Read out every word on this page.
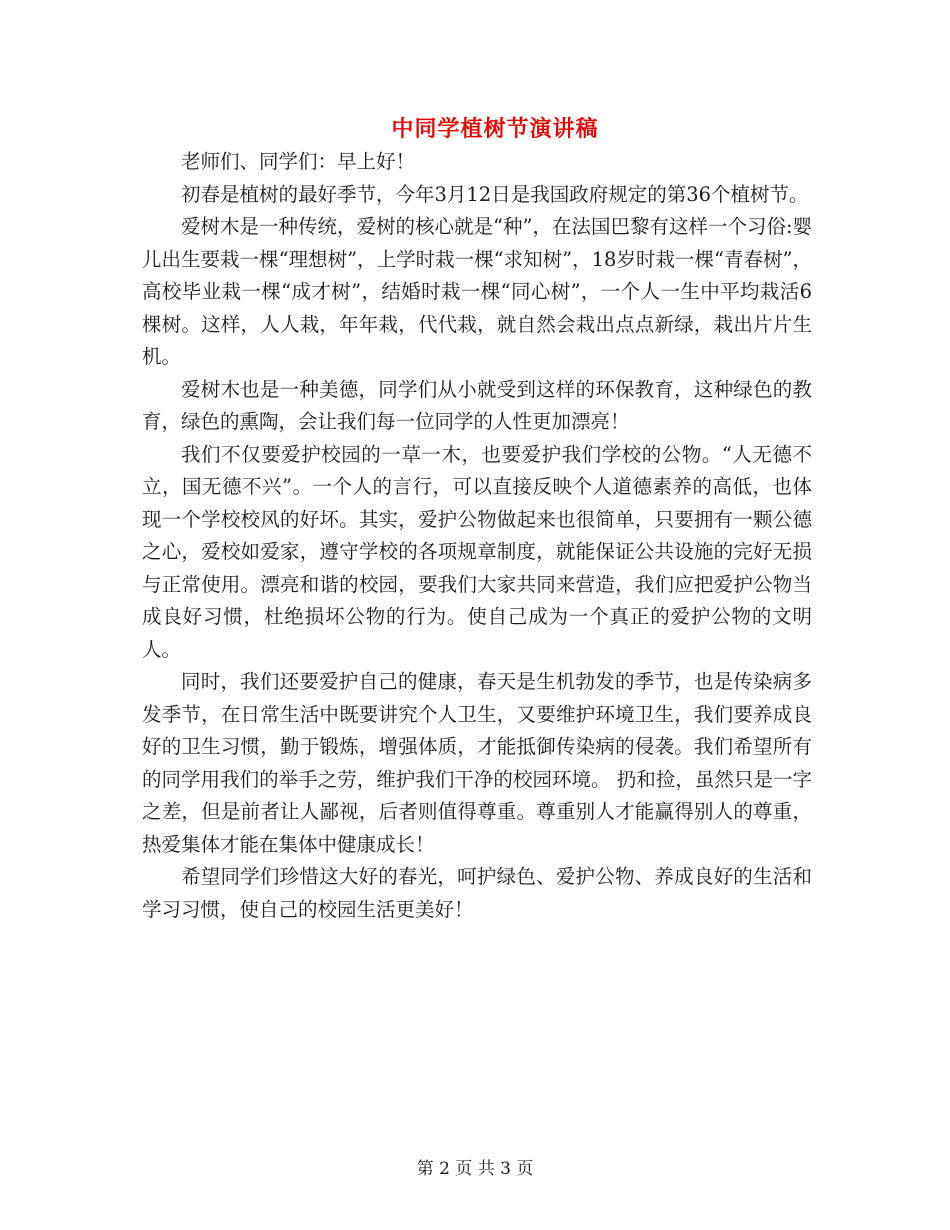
中同学植树节演讲稿

老师们、同学们：早上好！

初春是植树的最好季节，今年3月12日是我国政府规定的第36个植树节。

爱树木是一种传统，爱树的核心就是“种”，在法国巴黎有这样一个习俗:婴儿出生要栽一棵“理想树”，上学时栽一棵“求知树”，18岁时栽一棵“青春树”，高校毕业栽一棵“成才树”，结婚时栽一棵“同心树”，一个人一生中平均栽活6棵树。这样，人人栽，年年栽，代代栽，就自然会栽出点点新绿，栽出片片生机。

爱树木也是一种美德，同学们从小就受到这样的环保教育，这种绿色的教育，绿色的熏陶，会让我们每一位同学的人性更加漂亮！

我们不仅要爱护校园的一草一木，也要爱护我们学校的公物。“人无德不立，国无德不兴”。一个人的言行，可以直接反映个人道德素养的高低，也体现一个学校校风的好坏。其实，爱护公物做起来也很简单，只要拥有一颗公德之心，爱校如爱家，遵守学校的各项规章制度，就能保证公共设施的完好无损与正常使用。漂亮和谐的校园，要我们大家共同来营造，我们应把爱护公物当成良好习惯，杜绝损坏公物的行为。使自己成为一个真正的爱护公物的文明人。

同时，我们还要爱护自己的健康，春天是生机勃发的季节，也是传染病多发季节，在日常生活中既要讲究个人卫生，又要维护环境卫生，我们要养成良好的卫生习惯，勤于锻炼，增强体质，才能抵御传染病的侵袭。我们希望所有的同学用我们的举手之劳，维护我们干净的校园环境。 扔和捡，虽然只是一字之差，但是前者让人鄙视，后者则值得尊重。尊重别人才能赢得别人的尊重，热爱集体才能在集体中健康成长！

希望同学们珍惜这大好的春光，呵护绿色、爱护公物、养成良好的生活和学习习惯，使自己的校园生活更美好！

第 2 页 共 3 页
